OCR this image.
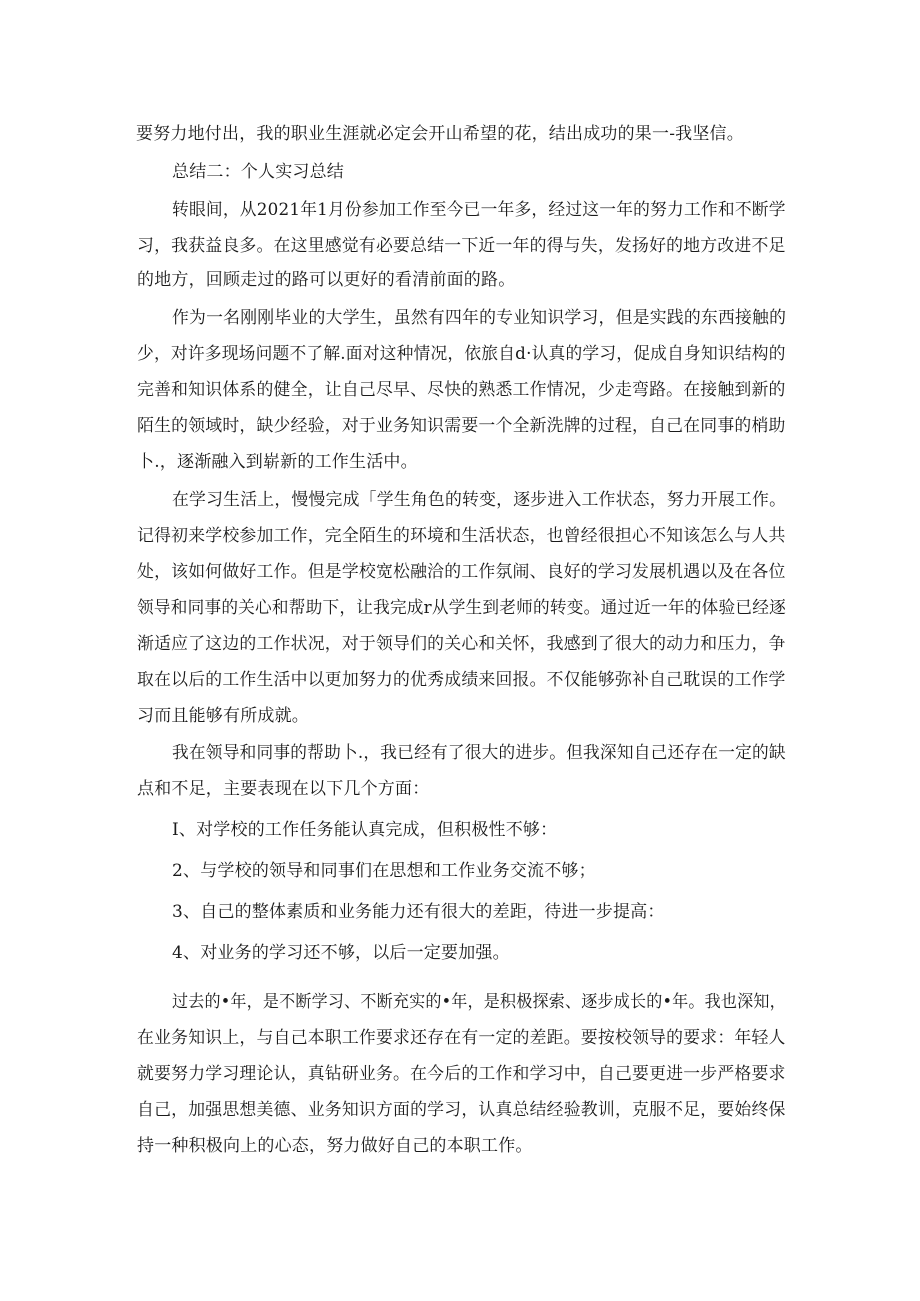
要努力地付出，我的职业生涯就必定会开山希望的花，结出成功的果一-我坚信。
总结二：个人实习总结
转眼间，从2021年1月份参加工作至今已一年多，经过这一年的努力工作和不断学
习，我获益良多。在这里感觉有必要总结一下近一年的得与失，发扬好的地方改进不足
的地方，回顾走过的路可以更好的看清前面的路。
作为一名刚刚毕业的大学生，虽然有四年的专业知识学习，但是实践的东西接触的
少，对许多现场问题不了解.面对这种情况，依旅自d·认真的学习，促成自身知识结构的
完善和知识体系的健全，让自己尽早、尽快的熟悉工作情况，少走弯路。在接触到新的
陌生的领域时，缺少经验，对于业务知识需要一个全新洗牌的过程，自己在同事的梢助
卜.，逐渐融入到崭新的工作生活中。
在学习生活上，慢慢完成「学生角色的转变，逐步进入工作状态，努力开展工作。
记得初来学校参加工作，完全陌生的环境和生活状态，也曾经很担心不知该怎么与人共
处，该如何做好工作。但是学校宽松融洽的工作氛闹、良好的学习发展机遇以及在各位
领导和同事的关心和帮助下，让我完成r从学生到老师的转变。通过近一年的体验已经逐
渐适应了这边的工作状况，对于领导们的关心和关怀，我感到了很大的动力和压力，争
取在以后的工作生活中以更加努力的优秀成绩来回报。不仅能够弥补自己耽误的工作学
习而且能够有所成就。
我在领导和同事的帮助卜.，我已经有了很大的进步。但我深知自己还存在一定的缺
点和不足，主要表现在以下几个方面：
I、对学校的工作任务能认真完成，但积极性不够：
2、与学校的领导和同事们在思想和工作业务交流不够；
3、自己的整体素质和业务能力还有很大的差距，待进一步提高：
4、对业务的学习还不够，以后一定要加强。
过去的•年，是不断学习、不断充实的•年，是积极探索、逐步成长的•年。我也深知，
在业务知识上，与自己本职工作要求还存在有一定的差距。要按校领导的要求：年轻人
就要努力学习理论认，真钻研业务。在今后的工作和学习中，自己要更进一步严格要求
自己，加强思想美德、业务知识方面的学习，认真总结经验教训，克服不足，要始终保
持一种积极向上的心态，努力做好自己的本职工作。
